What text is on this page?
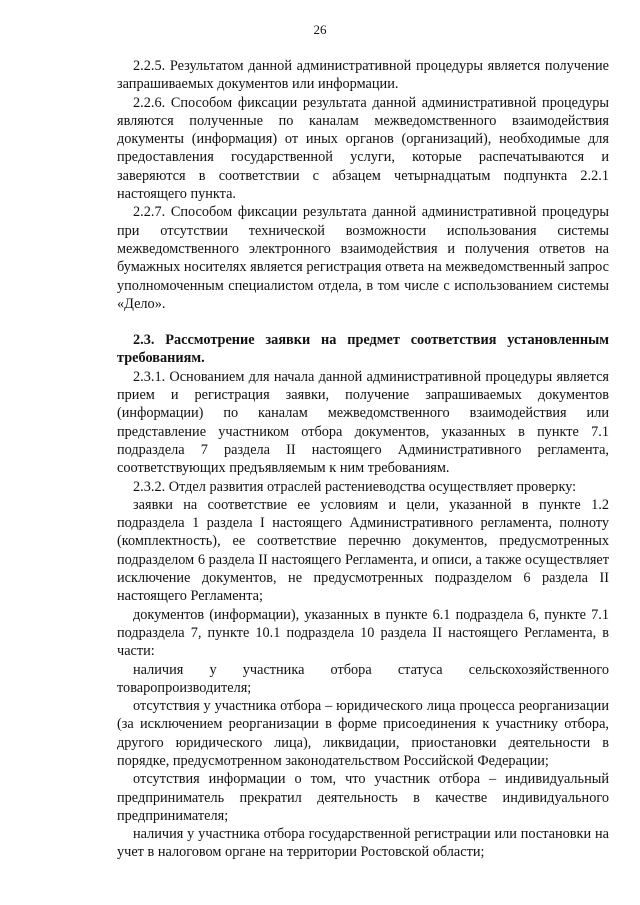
26

2.2.5. Результатом данной административной процедуры является получение запрашиваемых документов или информации.

2.2.6. Способом фиксации результата данной административной процедуры являются полученные по каналам межведомственного взаимодействия документы (информация) от иных органов (организаций), необходимые для предоставления государственной услуги, которые распечатываются и заверяются в соответствии с абзацем четырнадцатым подпункта 2.2.1 настоящего пункта.

2.2.7. Способом фиксации результата данной административной процедуры при отсутствии технической возможности использования системы межведомственного электронного взаимодействия и получения ответов на бумажных носителях является регистрация ответа на межведомственный запрос уполномоченным специалистом отдела, в том числе с использованием системы «Дело».

2.3. Рассмотрение заявки на предмет соответствия установленным требованиям.

2.3.1. Основанием для начала данной административной процедуры является прием и регистрация заявки, получение запрашиваемых документов (информации) по каналам межведомственного взаимодействия или представление участником отбора документов, указанных в пункте 7.1 подраздела 7 раздела II настоящего Административного регламента, соответствующих предъявляемым к ним требованиям.

2.3.2. Отдел развития отраслей растениеводства осуществляет проверку:

заявки на соответствие ее условиям и цели, указанной в пункте 1.2 подраздела 1 раздела I настоящего Административного регламента, полноту (комплектность), ее соответствие перечню документов, предусмотренных подразделом 6 раздела II настоящего Регламента, и описи, а также осуществляет исключение документов, не предусмотренных подразделом 6 раздела II настоящего Регламента;

документов (информации), указанных в пункте 6.1 подраздела 6, пункте 7.1 подраздела 7, пункте 10.1 подраздела 10 раздела II настоящего Регламента, в части:

наличия у участника отбора статуса сельскохозяйственного товаропроизводителя;

отсутствия у участника отбора – юридического лица процесса реорганизации (за исключением реорганизации в форме присоединения к участнику отбора, другого юридического лица), ликвидации, приостановки деятельности в порядке, предусмотренном законодательством Российской Федерации;

отсутствия информации о том, что участник отбора – индивидуальный предприниматель прекратил деятельность в качестве индивидуального предпринимателя;

наличия у участника отбора государственной регистрации или постановки на учет в налоговом органе на территории Ростовской области;
